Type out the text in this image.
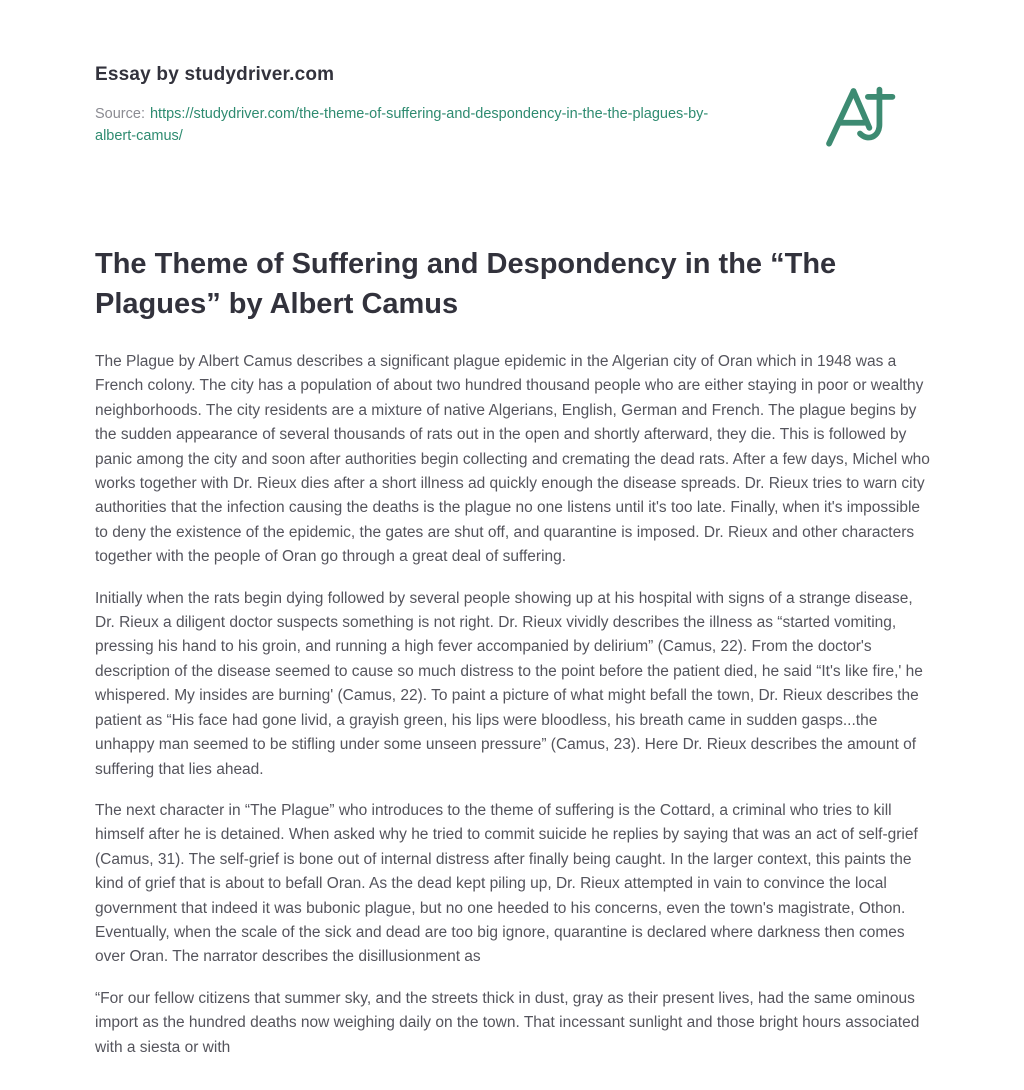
Essay by studydriver.com
Source: https://studydriver.com/the-theme-of-suffering-and-despondency-in-the-the-plagues-by-albert-camus/
The Theme of Suffering and Despondency in the “The Plagues” by Albert Camus

The Plague by Albert Camus describes a significant plague epidemic in the Algerian city of Oran which in 1948 was a French colony. The city has a population of about two hundred thousand people who are either staying in poor or wealthy neighborhoods. The city residents are a mixture of native Algerians, English, German and French. The plague begins by the sudden appearance of several thousands of rats out in the open and shortly afterward, they die. This is followed by panic among the city and soon after authorities begin collecting and cremating the dead rats. After a few days, Michel who works together with Dr. Rieux dies after a short illness ad quickly enough the disease spreads. Dr. Rieux tries to warn city authorities that the infection causing the deaths is the plague no one listens until it's too late. Finally, when it's impossible to deny the existence of the epidemic, the gates are shut off, and quarantine is imposed. Dr. Rieux and other characters together with the people of Oran go through a great deal of suffering.

Initially when the rats begin dying followed by several people showing up at his hospital with signs of a strange disease, Dr. Rieux a diligent doctor suspects something is not right. Dr. Rieux vividly describes the illness as “started vomiting, pressing his hand to his groin, and running a high fever accompanied by delirium” (Camus, 22). From the doctor's description of the disease seemed to cause so much distress to the point before the patient died, he said “It's like fire,' he whispered. My insides are burning' (Camus, 22). To paint a picture of what might befall the town, Dr. Rieux describes the patient as “His face had gone livid, a grayish green, his lips were bloodless, his breath came in sudden gasps...the unhappy man seemed to be stifling under some unseen pressure” (Camus, 23). Here Dr. Rieux describes the amount of suffering that lies ahead.

The next character in “The Plague” who introduces to the theme of suffering is the Cottard, a criminal who tries to kill himself after he is detained. When asked why he tried to commit suicide he replies by saying that was an act of self-grief (Camus, 31). The self-grief is bone out of internal distress after finally being caught. In the larger context, this paints the kind of grief that is about to befall Oran. As the dead kept piling up, Dr. Rieux attempted in vain to convince the local government that indeed it was bubonic plague, but no one heeded to his concerns, even the town's magistrate, Othon. Eventually, when the scale of the sick and dead are too big ignore, quarantine is declared where darkness then comes over Oran. The narrator describes the disillusionment as

“For our fellow citizens that summer sky, and the streets thick in dust, gray as their present lives, had the same ominous import as the hundred deaths now weighing daily on the town. That incessant sunlight and those bright hours associated with a siesta or with
